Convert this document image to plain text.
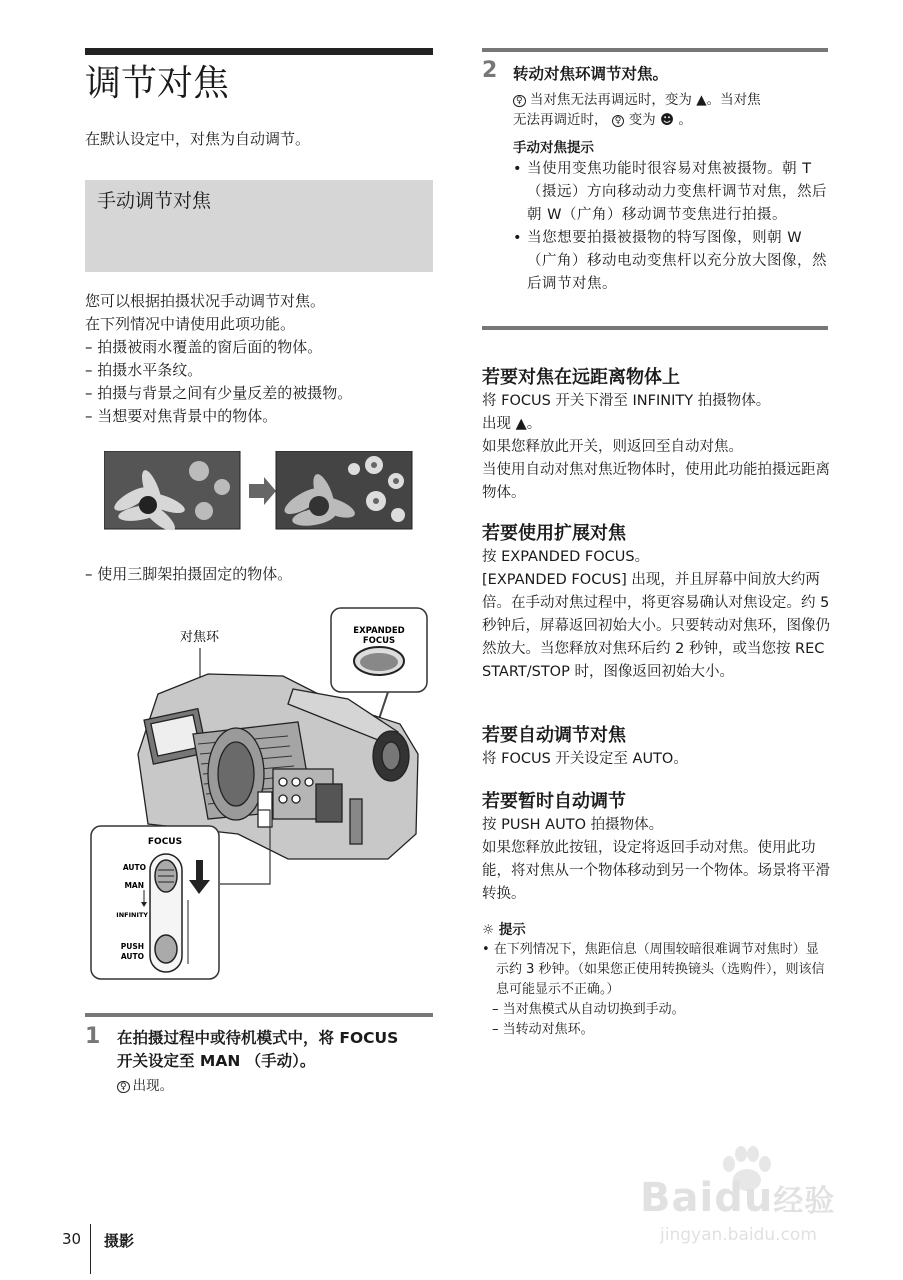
调节对焦

在默认设定中，对焦为自动调节。

手动调节对焦

您可以根据拍摄状况手动调节对焦。

在下列情况中请使用此项功能。

– 拍摄被雨水覆盖的窗后面的物体。

– 拍摄水平条纹。

– 拍摄与背景之间有少量反差的被摄物。

– 当想要对焦背景中的物体。

– 使用三脚架拍摄固定的物体。

EXPANDED
FOCUS
对焦环
FOCUS
AUTO
MAN
INFINITY
PUSH
AUTO
1 在拍摄过程中或待机模式中，将 FOCUS

开关设定至 MAN （手动）。

♀ 出现。

30 摄影
2 转动对焦环调节对焦。

♀ 当对焦无法再调远时，变为 ▲。当对焦
无法再调近时， ♀ 变为 ☻ 。

手动对焦提示

• 当使用变焦功能时很容易对焦被摄物。朝 T（摄远）方向移动动力变焦杆调节对焦，然后朝 W（广角）移动调节变焦进行拍摄。

• 当您想要拍摄被摄物的特写图像，则朝 W（广角）移动电动变焦杆以充分放大图像，然后调节对焦。

若要对焦在远距离物体上

将 FOCUS 开关下滑至 INFINITY 拍摄物体。

出现 ▲。

如果您释放此开关，则返回至自动对焦。

当使用自动对焦对焦近物体时，使用此功能拍摄远距离物体。

若要使用扩展对焦

按 EXPANDED FOCUS。

[EXPANDED FOCUS] 出现，并且屏幕中间放大约两倍。在手动对焦过程中，将更容易确认对焦设定。约 5 秒钟后，屏幕返回初始大小。只要转动对焦环，图像仍然放大。当您释放对焦环后约 2 秒钟，或当您按 REC START/STOP 时，图像返回初始大小。

若要自动调节对焦

将 FOCUS 开关设定至 AUTO。

若要暂时自动调节

按 PUSH AUTO 拍摄物体。

如果您释放此按钮，设定将返回手动对焦。使用此功能，将对焦从一个物体移动到另一个物体。场景将平滑转换。

☼ 提示

• 在下列情况下，焦距信息（周围较暗很难调节对焦时）显示约 3 秒钟。（如果您正使用转换镜头（选购件），则该信息可能显示不正确。）

– 当对焦模式从自动切换到手动。

– 当转动对焦环。

Baidu经验
jingyan.baidu.com
